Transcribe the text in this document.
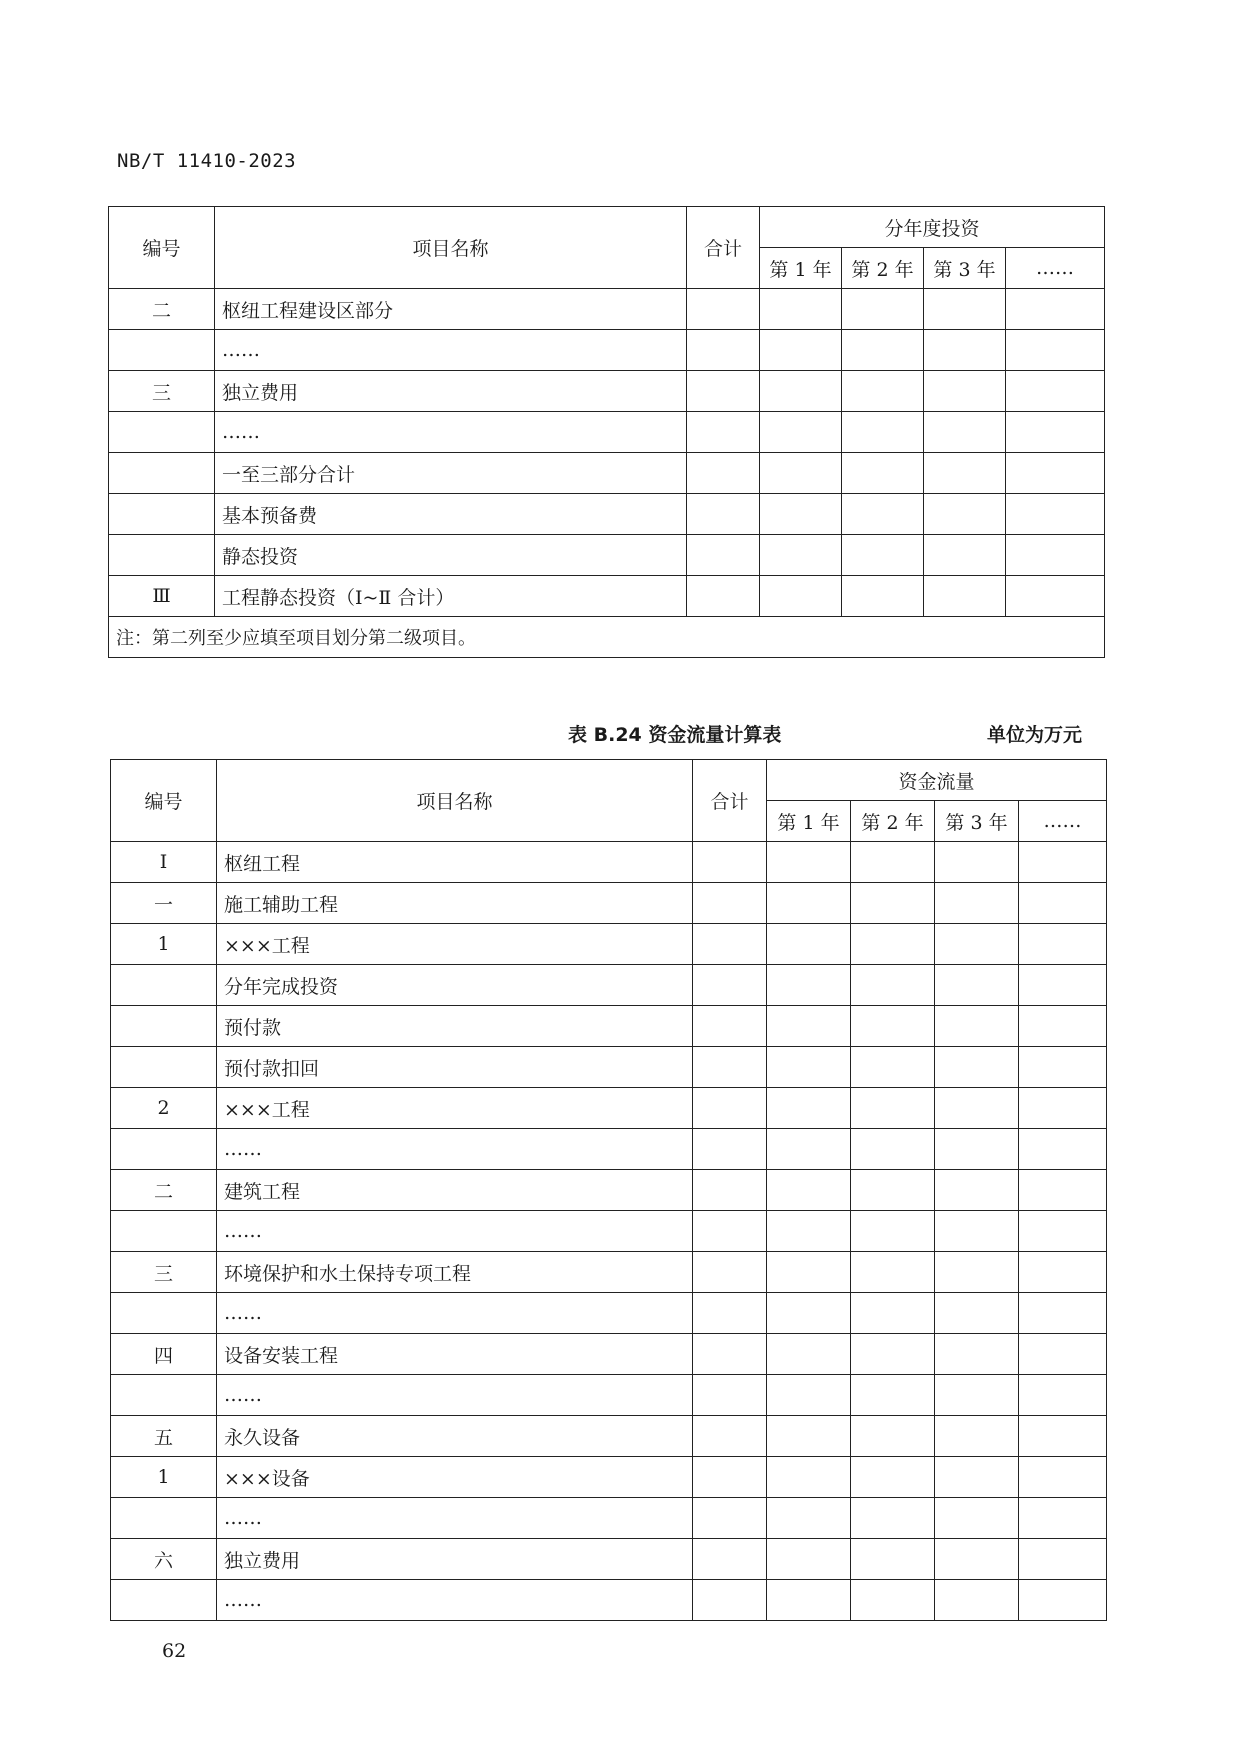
NB/T 11410-2023
编号	项目名称	合计	分年度投资			
			第 1 年	第 2 年	第 3 年	……
二	枢纽工程建设区部分					
	……					
三	独立费用					
	……					
	一至三部分合计					
	基本预备费					
	静态投资					
Ⅲ	工程静态投资（Ⅰ~Ⅱ 合计）					
注：第二列至少应填至项目划分第二级项目。						
表 B.24 资金流量计算表	单位为万元
编号	项目名称	合计	资金流量			
			第 1 年	第 2 年	第 3 年	……
Ⅰ	枢纽工程					
一	施工辅助工程					
1	×××工程					
	分年完成投资					
	预付款					
	预付款扣回					
2	×××工程					
	……					
二	建筑工程					
	……					
三	环境保护和水土保持专项工程					
	……					
四	设备安装工程					
	……					
五	永久设备					
1	×××设备					
	……					
六	独立费用					
	……					
62
